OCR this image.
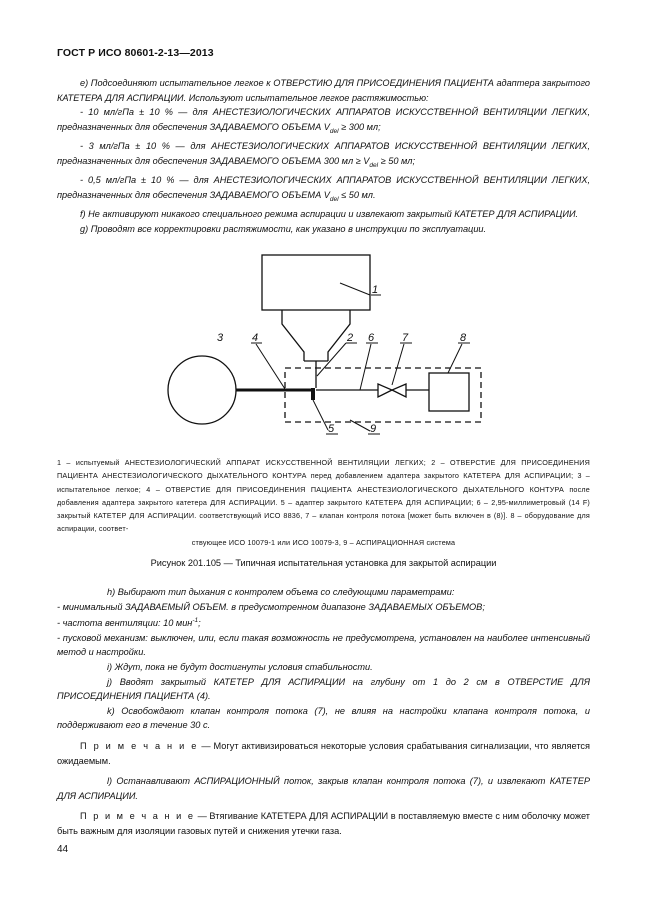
ГОСТ Р ИСО 80601-2-13—2013

е) Подсоединяют испытательное легкое к ОТВЕРСТИЮ ДЛЯ ПРИСОЕДИНЕНИЯ ПАЦИЕНТА адаптера закрытого КАТЕТЕРА ДЛЯ АСПИРАЦИИ. Используют испытательное легкое растяжимостью:

- 10 мл/гПа ± 10 % — для АНЕСТЕЗИОЛОГИЧЕСКИХ АППАРАТОВ ИСКУССТВЕННОЙ ВЕНТИЛЯЦИИ ЛЕГКИХ, предназначенных для обеспечения ЗАДАВАЕМОГО ОБЪЕМА $V_{del} \ge 300$ мл;

- 3 мл/гПа ± 10 % — для АНЕСТЕЗИОЛОГИЧЕСКИХ АППАРАТОВ ИСКУССТВЕННОЙ ВЕНТИЛЯЦИИ ЛЕГКИХ, предназначенных для обеспечения ЗАДАВАЕМОГО ОБЪЕМА 300 мл ≥ $V_{del} \ge 50$ мл;

- 0,5 мл/гПа ± 10 % — для АНЕСТЕЗИОЛОГИЧЕСКИХ АППАРАТОВ ИСКУССТВЕННОЙ ВЕНТИЛЯЦИИ ЛЕГКИХ, предназначенных для обеспечения ЗАДАВАЕМОГО ОБЪЕМА $V_{del} \le 50$ мл.

f) Не активируют никакого специального режима аспирации и извлекают закрытый КАТЕТЕР ДЛЯ АСПИРАЦИИ.

g) Проводят все корректировки растяжимости, как указано в инструкции по эксплуатации.

1
2
3	4
5
6	7	8
9
1 – испытуемый АНЕСТЕЗИОЛОГИЧЕСКИЙ АППАРАТ ИСКУССТВЕННОЙ ВЕНТИЛЯЦИИ ЛЕГКИХ; 2 – ОТВЕРСТИЕ ДЛЯ ПРИСОЕДИНЕНИЯ ПАЦИЕНТА АНЕСТЕЗИОЛОГИЧЕСКОГО ДЫХАТЕЛЬНОГО КОНТУРА перед добавлением адаптера закрытого КАТЕТЕРА ДЛЯ АСПИРАЦИИ; 3 – испытательное легкое; 4 – ОТВЕРСТИЕ ДЛЯ ПРИСОЕДИНЕНИЯ ПАЦИЕНТА АНЕСТЕЗИОЛОГИЧЕСКОГО ДЫХАТЕЛЬНОГО КОНТУРА после добавления адаптера закрытого катетера ДЛЯ АСПИРАЦИИ. 5 – адаптер закрытого КАТЕТЕРА ДЛЯ АСПИРАЦИИ; 6 – 2,95-миллиметровый (14 F) закрытый КАТЕТЕР ДЛЯ АСПИРАЦИИ. соответствующий ИСО 8836, 7 – клапан контроля потока [может быть включен в (8)]. 8 – оборудование для аспирации, соответ-
ствующее ИСО 10079-1 или ИСО 10079-3, 9 – АСПИРАЦИОННАЯ система
Рисунок 201.105 — Типичная испытательная установка для закрытой аспирации

h) Выбирают тип дыхания с контролем объема со следующими параметрами:

- минимальный ЗАДАВАЕМЫЙ ОБЪЕМ. в предусмотренном диапазоне ЗАДАВАЕМЫХ ОБЪЕМОВ;

- частота вентиляции: 10 мин$^{-1}$;

- пусковой механизм: выключен, или, если такая возможность не предусмотрена, установлен на наиболее интенсивный метод и настройки.

i) Ждут, пока не будут достигнуты условия стабильности.

j) Вводят закрытый КАТЕТЕР ДЛЯ АСПИРАЦИИ на глубину от 1 до 2 см в ОТВЕРСТИЕ ДЛЯ ПРИСОЕДИНЕНИЯ ПАЦИЕНТА (4).

k) Освобождают клапан контроля потока (7), не влияя на настройки клапана контроля потока, и поддерживают его в течение 30 с.

П р и м е ч а н и е — Могут активизироваться некоторые условия срабатывания сигнализации, что является ожидаемым.

l) Останавливают АСПИРАЦИОННЫЙ поток, закрыв клапан контроля потока (7), и извлекают КАТЕТЕР ДЛЯ АСПИРАЦИИ.

П р и м е ч а н и е — Втягивание КАТЕТЕРА ДЛЯ АСПИРАЦИИ в поставляемую вместе с ним оболочку может быть важным для изоляции газовых путей и снижения утечки газа.

44
